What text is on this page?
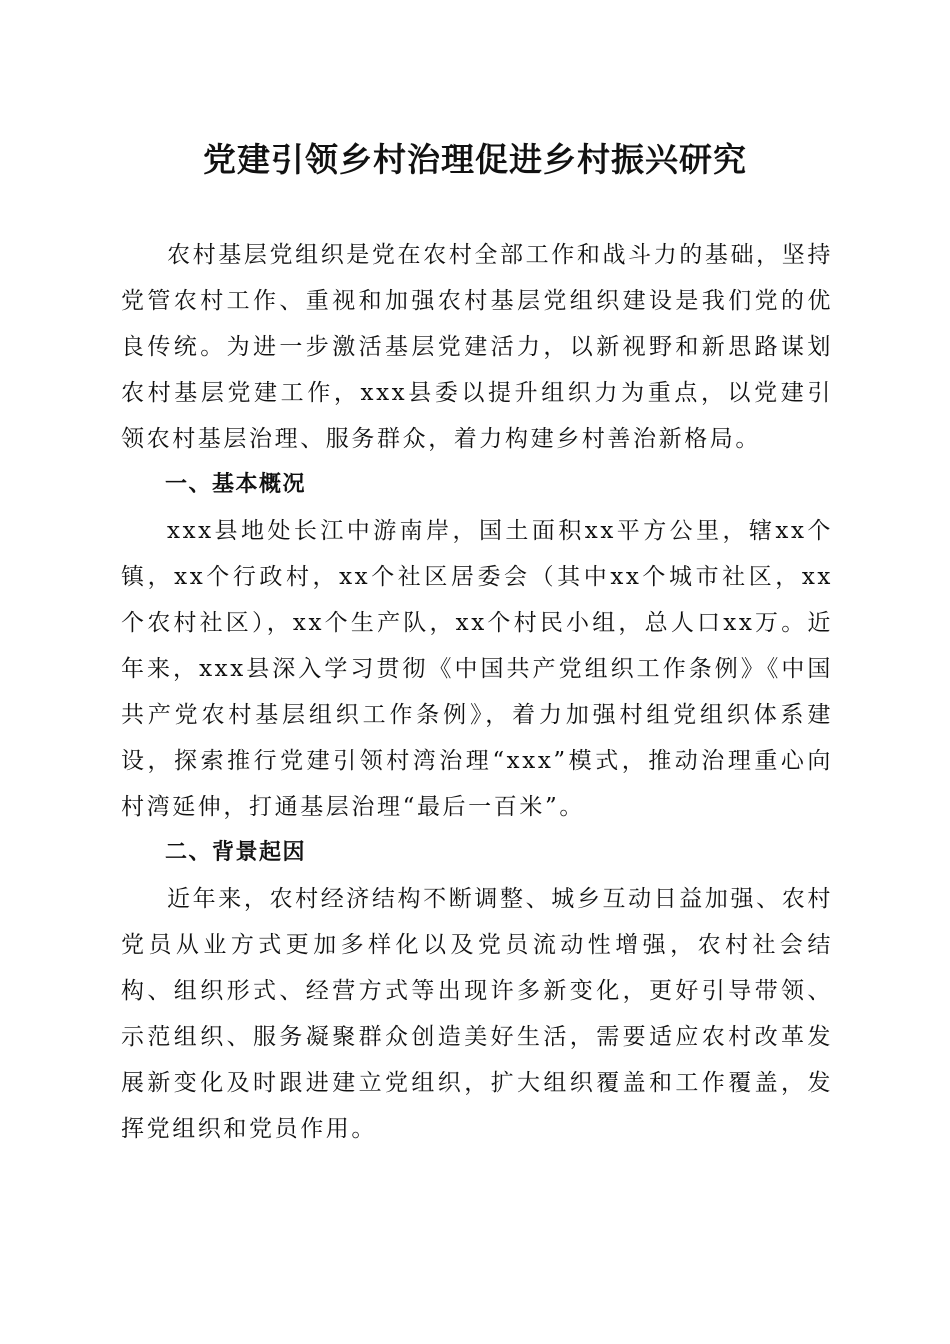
党建引领乡村治理促进乡村振兴研究

农村基层党组织是党在农村全部工作和战斗力的基础，坚持党管农村工作、重视和加强农村基层党组织建设是我们党的优良传统。为进一步激活基层党建活力，以新视野和新思路谋划农村基层党建工作，xxx县委以提升组织力为重点，以党建引领农村基层治理、服务群众，着力构建乡村善治新格局。

一、基本概况

xxx县地处长江中游南岸，国土面积xx平方公里，辖xx个镇，xx个行政村，xx个社区居委会（其中xx个城市社区，xx个农村社区），xx个生产队，xx个村民小组，总人口xx万。近年来，xxx县深入学习贯彻《中国共产党组织工作条例》《中国共产党农村基层组织工作条例》，着力加强村组党组织体系建设，探索推行党建引领村湾治理“xxx”模式，推动治理重心向村湾延伸，打通基层治理“最后一百米”。

二、背景起因

近年来，农村经济结构不断调整、城乡互动日益加强、农村党员从业方式更加多样化以及党员流动性增强，农村社会结构、组织形式、经营方式等出现许多新变化，更好引导带领、示范组织、服务凝聚群众创造美好生活，需要适应农村改革发展新变化及时跟进建立党组织，扩大组织覆盖和工作覆盖，发挥党组织和党员作用。
